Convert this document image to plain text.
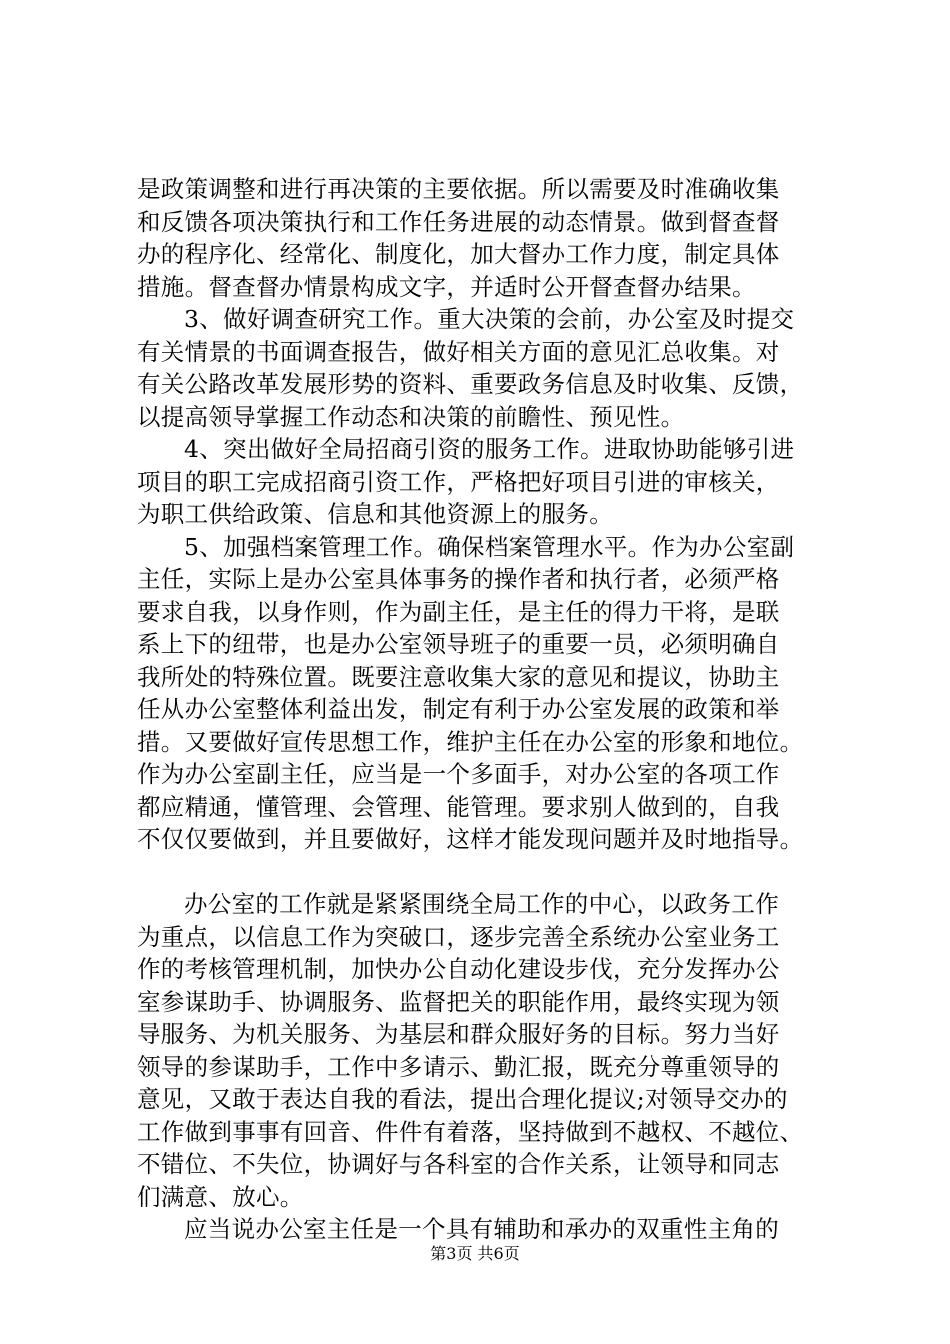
是政策调整和进行再决策的主要依据。所以需要及时准确收集
和反馈各项决策执行和工作任务进展的动态情景。做到督查督
办的程序化、经常化、制度化，加大督办工作力度，制定具体
措施。督查督办情景构成文字，并适时公开督查督办结果。
3、做好调查研究工作。重大决策的会前，办公室及时提交
有关情景的书面调查报告，做好相关方面的意见汇总收集。对
有关公路改革发展形势的资料、重要政务信息及时收集、反馈，
以提高领导掌握工作动态和决策的前瞻性、预见性。
4、突出做好全局招商引资的服务工作。进取协助能够引进
项目的职工完成招商引资工作，严格把好项目引进的审核关，
为职工供给政策、信息和其他资源上的服务。
5、加强档案管理工作。确保档案管理水平。作为办公室副
主任，实际上是办公室具体事务的操作者和执行者，必须严格
要求自我，以身作则，作为副主任，是主任的得力干将，是联
系上下的纽带，也是办公室领导班子的重要一员，必须明确自
我所处的特殊位置。既要注意收集大家的意见和提议，协助主
任从办公室整体利益出发，制定有利于办公室发展的政策和举
措。又要做好宣传思想工作，维护主任在办公室的形象和地位。
作为办公室副主任，应当是一个多面手，对办公室的各项工作
都应精通，懂管理、会管理、能管理。要求别人做到的，自我
不仅仅要做到，并且要做好，这样才能发现问题并及时地指导。
办公室的工作就是紧紧围绕全局工作的中心，以政务工作
为重点，以信息工作为突破口，逐步完善全系统办公室业务工
作的考核管理机制，加快办公自动化建设步伐，充分发挥办公
室参谋助手、协调服务、监督把关的职能作用，最终实现为领
导服务、为机关服务、为基层和群众服好务的目标。努力当好
领导的参谋助手，工作中多请示、勤汇报，既充分尊重领导的
意见，又敢于表达自我的看法，提出合理化提议;对领导交办的
工作做到事事有回音、件件有着落，坚持做到不越权、不越位、
不错位、不失位，协调好与各科室的合作关系，让领导和同志
们满意、放心。
应当说办公室主任是一个具有辅助和承办的双重性主角的
第3页 共6页
